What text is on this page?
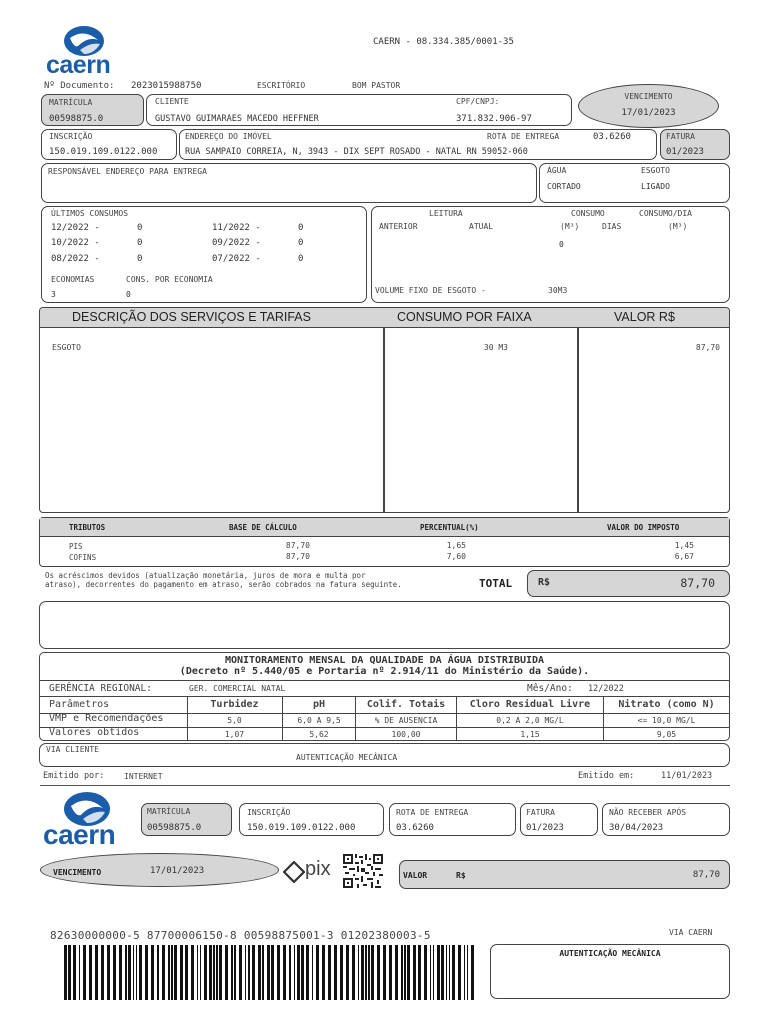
caern
CAERN - 08.334.385/0001-35
Nº Documento: 2023015988750	ESCRITÓRIO	BOM PASTOR
MATRÍCULA
00598875.0
CLIENTE
GUSTAVO GUIMARAES MACEDO HEFFNER
CPF/CNPJ:
371.832.906-97
VENCIMENTO
17/01/2023
INSCRIÇÃO
150.019.109.0122.000
ENDEREÇO DO IMÓVEL
RUA SAMPAIO CORREIA, N, 3943 - DIX SEPT ROSADO - NATAL RN 59052-060
ROTA DE ENTREGA	03.6260	FATURA
01/2023
RESPONSÁVEL ENDEREÇO PARA ENTREGA	ÁGUA	ESGOTO
CORTADO	LIGADO
ÚLTIMOS CONSUMOS
12/2022 -	0	11/2022 -	0
10/2022 -	0	09/2022 -	0
08/2022 -	0	07/2022 -	0
ECONOMIAS	CONS. POR ECONOMIA
3	0
LEITURA	CONSUMO	CONSUMO/DIA
ANTERIOR	ATUAL	(M³)	DIAS	(M³)
0
VOLUME FIXO DE ESGOTO -	30M3
DESCRIÇÃO DOS SERVIÇOS E TARIFAS	CONSUMO POR FAIXA	VALOR R$
ESGOTO	30 M3	87,70
TRIBUTOS	BASE DE CÁLCULO	PERCENTUAL(%)	VALOR DO IMPOSTO
PIS	87,70	1,65	1,45
COFINS	87,70	7,60	6,67
Os acréscimos devidos (atualização monetária, juros de mora e multa por
atraso), decorrentes do pagamento em atraso, serão cobrados na fatura seguinte.	TOTAL	R$	87,70
MONITORAMENTO MENSAL DA QUALIDADE DA ÁGUA DISTRIBUIDA
(Decreto nº 5.440/05 e Portaria nº 2.914/11 do Ministério da Saúde).
GERÊNCIA REGIONAL:	GER. COMERCIAL NATAL	Mês/Ano: 12/2022
Parâmetros	Turbidez	pH	Colif. Totais	Cloro Residual Livre	Nitrato (como N)
VMP e Recomendações	5,0	6,0 A 9,5	% DE AUSENCIA	0,2 A 2,0 MG/L	<= 10,0 MG/L
Valores obtidos	1,07	5,62	100,00	1,15	9,05
VIA CLIENTE
AUTENTICAÇÃO MECÂNICA
Emitido por: INTERNET	Emitido em:	11/01/2023
caern
MATRÍCULA
00598875.0
INSCRIÇÃO
150.019.109.0122.000
ROTA DE ENTREGA
03.6260
FATURA
01/2023
NÃO RECEBER APÓS
30/04/2023
VENCIMENTO	17/01/2023	pix	VALOR	R$	87,70
82630000000-5 87700006150-8 00598875001-3 01202380003-5	VIA CAERN
AUTENTICAÇÃO MECÂNICA
